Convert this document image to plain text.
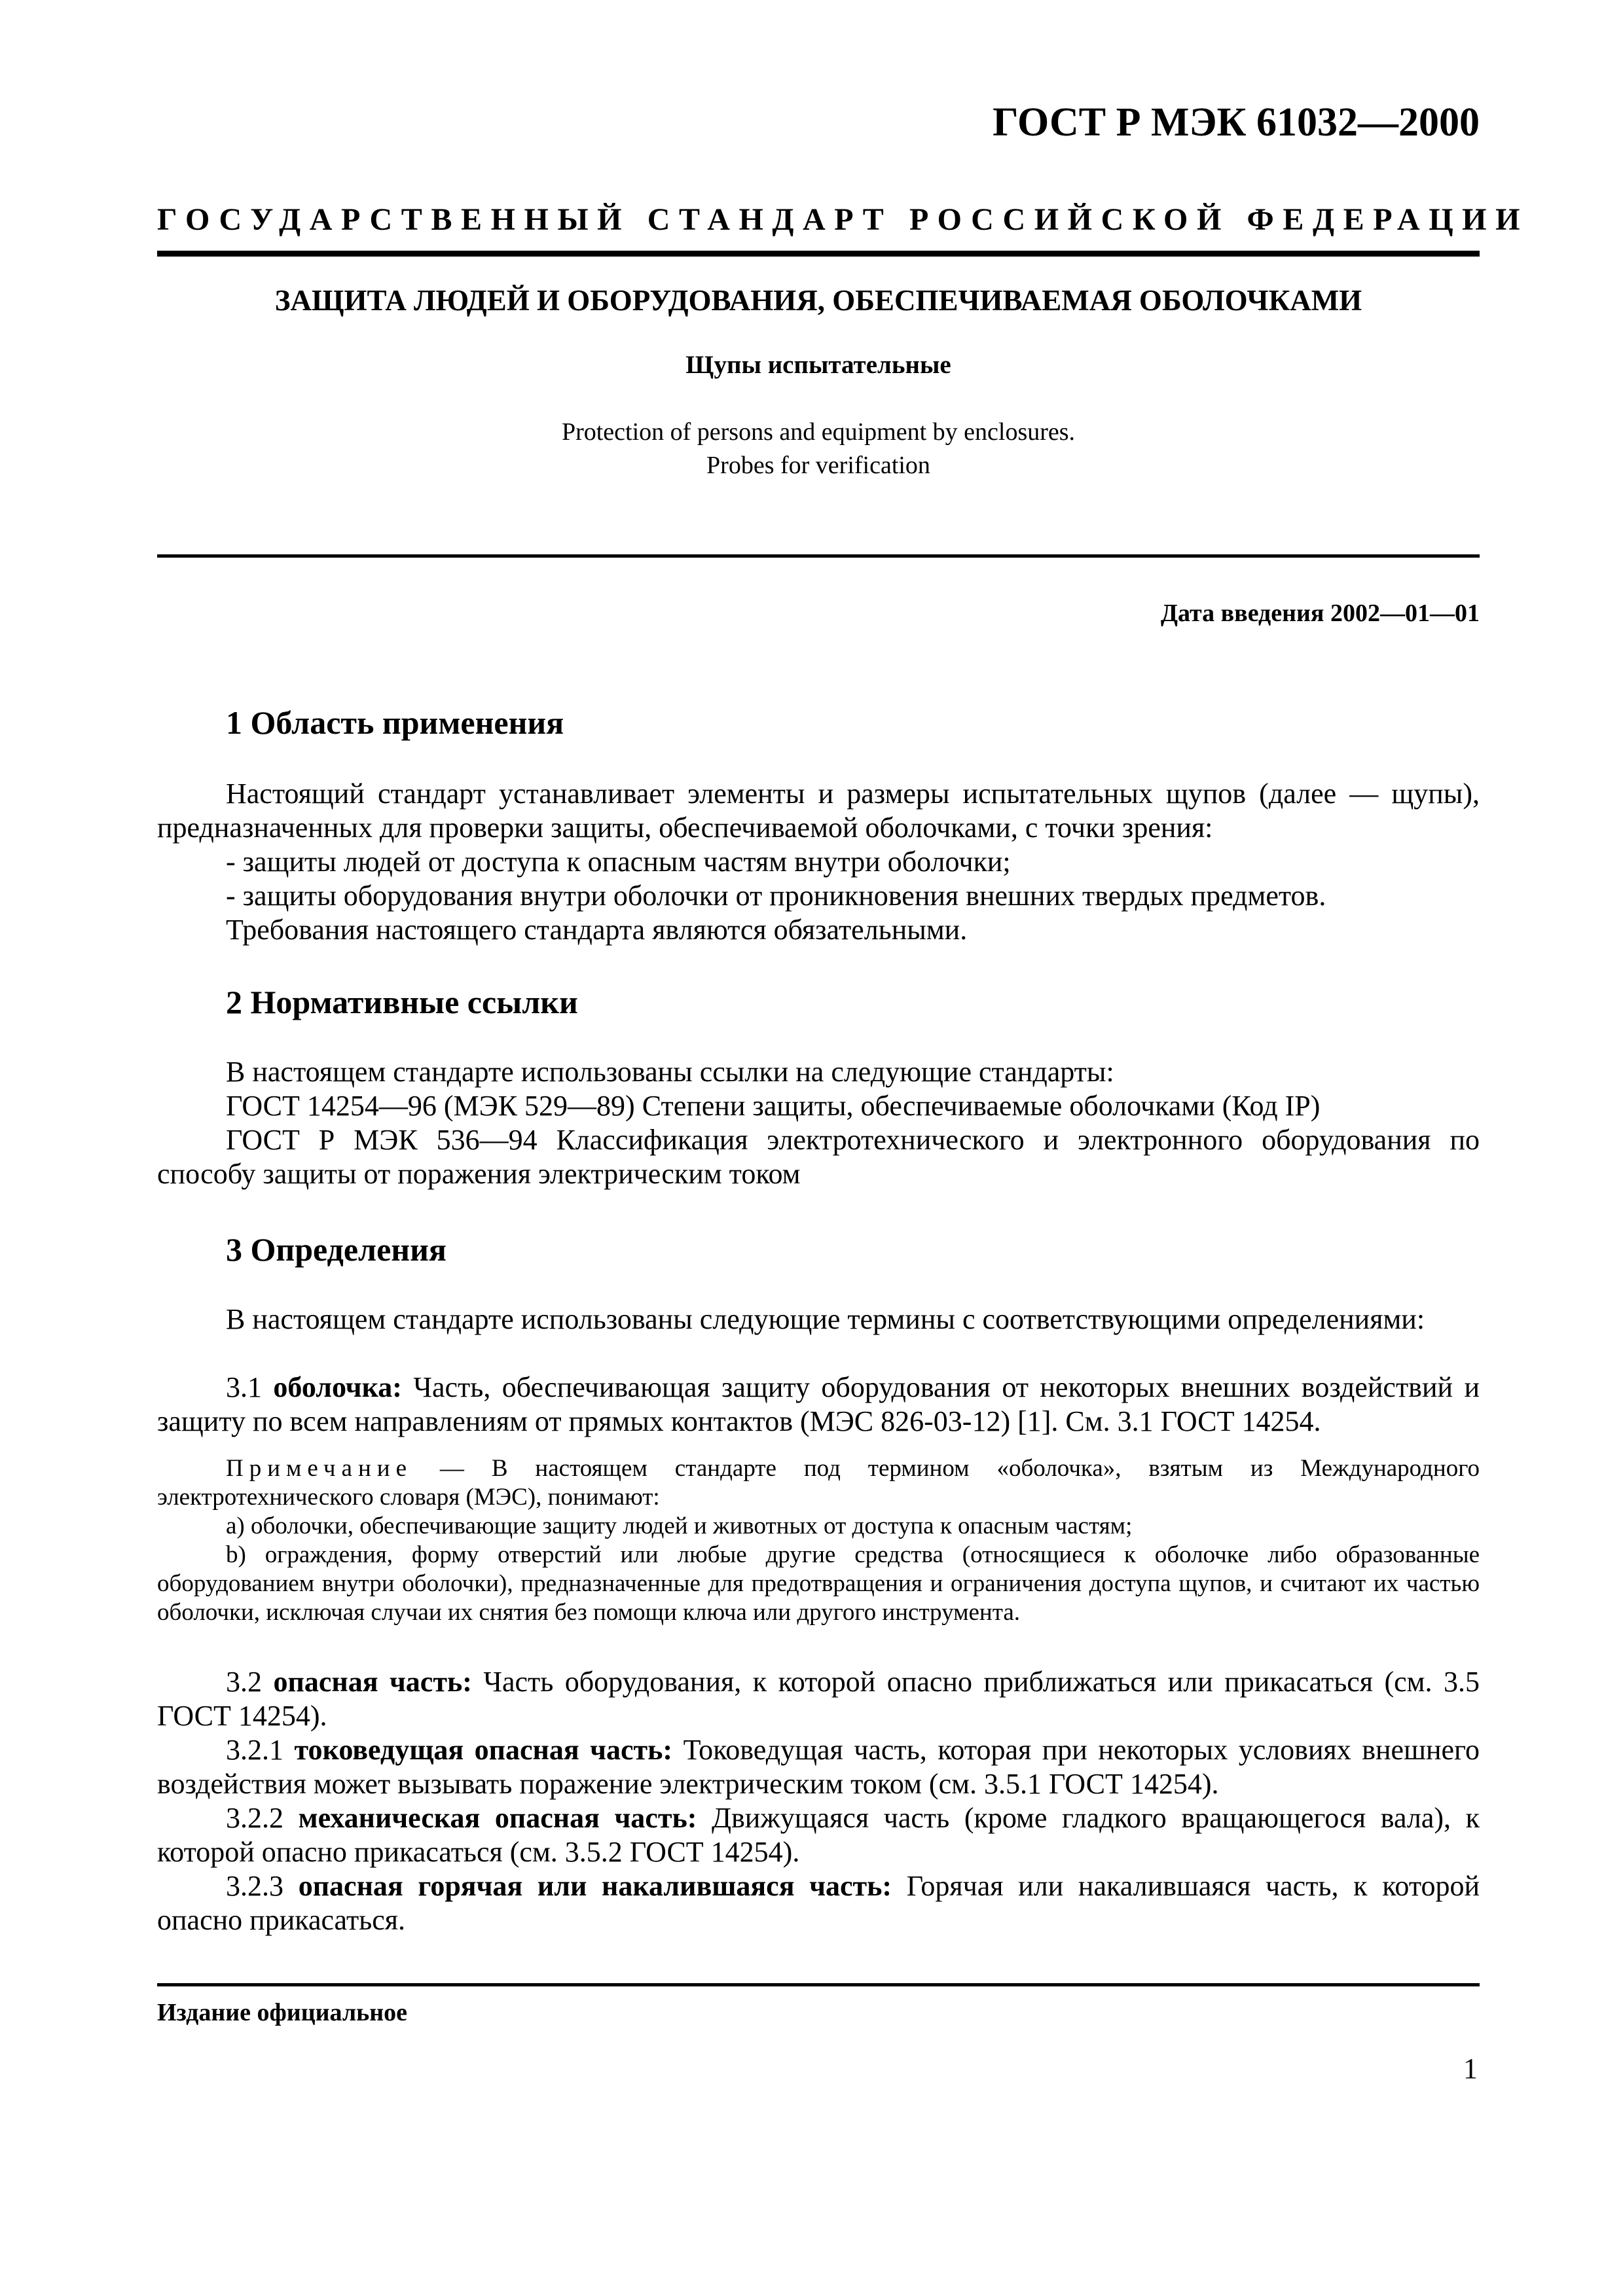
ГОСТ Р МЭК 61032—2000
ГОСУДАРСТВЕННЫЙ СТАНДАРТ РОССИЙСКОЙ ФЕДЕРАЦИИ
ЗАЩИТА ЛЮДЕЙ И ОБОРУДОВАНИЯ, ОБЕСПЕЧИВАЕМАЯ ОБОЛОЧКАМИ
Щупы испытательные
Protection of persons and equipment by enclosures.
Probes for verification
Дата введения 2002—01—01
1 Область применения
Настоящий стандарт устанавливает элементы и размеры испытательных щупов (далее — щупы), предназначенных для проверки защиты, обеспечиваемой оболочками, с точки зрения:
- защиты людей от доступа к опасным частям внутри оболочки;
- защиты оборудования внутри оболочки от проникновения внешних твердых предметов.
Требования настоящего стандарта являются обязательными.
2 Нормативные ссылки
В настоящем стандарте использованы ссылки на следующие стандарты:
ГОСТ 14254—96 (МЭК 529—89) Степени защиты, обеспечиваемые оболочками (Код IP)
ГОСТ Р МЭК 536—94 Классификация электротехнического и электронного оборудования по способу защиты от поражения электрическим током
3 Определения
В настоящем стандарте использованы следующие термины с соответствующими определениями:
3.1 оболочка: Часть, обеспечивающая защиту оборудования от некоторых внешних воздействий и защиту по всем направлениям от прямых контактов (МЭС 826-03-12) [1]. См. 3.1 ГОСТ 14254.

Примечание — В настоящем стандарте под термином «оболочка», взятым из Международного электротехнического словаря (МЭС), понимают:

а) оболочки, обеспечивающие защиту людей и животных от доступа к опасным частям;

b) ограждения, форму отверстий или любые другие средства (относящиеся к оболочке либо образованные оборудованием внутри оболочки), предназначенные для предотвращения и ограничения доступа щупов, и считают их частью оболочки, исключая случаи их снятия без помощи ключа или другого инструмента.

3.2 опасная часть: Часть оборудования, к которой опасно приближаться или прикасаться (см. 3.5 ГОСТ 14254).
3.2.1 токоведущая опасная часть: Токоведущая часть, которая при некоторых условиях внешнего воздействия может вызывать поражение электрическим током (см. 3.5.1 ГОСТ 14254).
3.2.2 механическая опасная часть: Движущаяся часть (кроме гладкого вращающегося вала), к которой опасно прикасаться (см. 3.5.2 ГОСТ 14254).
3.2.3 опасная горячая или накалившаяся часть: Горячая или накалившаяся часть, к которой опасно прикасаться.
Издание официальное
1
